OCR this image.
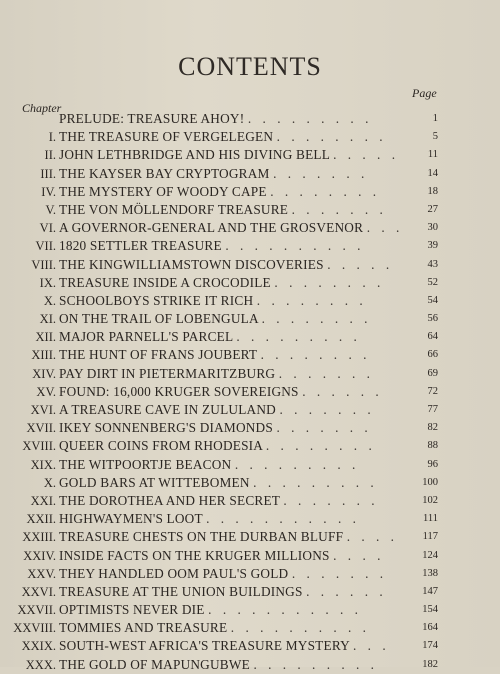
CONTENTS
Page
Chapter
PRELUDE: TREASURE AHOY! . . . . . . . . .	1
I. THE TREASURE OF VERGELEGEN . . . . . . . .	5
II. JOHN LETHBRIDGE AND HIS DIVING BELL . . . . .	11
III. THE KAYSER BAY CRYPTOGRAM . . . . . . .	14
IV. THE MYSTERY OF WOODY CAPE . . . . . . . .	18
V. THE VON MÖLLENDORF TREASURE . . . . . . .	27
VI. A GOVERNOR-GENERAL AND THE GROSVENOR . . . 30
VII. 1820 SETTLER TREASURE . . . . . . . . . .	39
VIII. THE KINGWILLIAMSTOWN DISCOVERIES . . . . .	43
IX. TREASURE INSIDE A CROCODILE . . . . . . . .	52
X. SCHOOLBOYS STRIKE IT RICH . . . . . . . .	54
XI. ON THE TRAIL OF LOBENGULA . . . . . . . .	56
XII. MAJOR PARNELL'S PARCEL . . . . . . . . .	64
XIII. THE HUNT OF FRANS JOUBERT . . . . . . . .	66
XIV. PAY DIRT IN PIETERMARITZBURG . . . . . . .	69
XV. FOUND: 16,000 KRUGER SOVEREIGNS . . . . . .	72
XVI. A TREASURE CAVE IN ZULULAND . . . . . . .	77
XVII. IKEY SONNENBERG'S DIAMONDS . . . . . . .	82
XVIII. QUEER COINS FROM RHODESIA . . . . . . . .	88
XIX. THE WITPOORTJE BEACON . . . . . . . . .	96
X. GOLD BARS AT WITTEBOMEN . . . . . . . . .	100
XXI. THE DOROTHEA AND HER SECRET . . . . . . .	102
XXII. HIGHWAYMEN'S LOOT . . . . . . . . . . .	111
XXIII. TREASURE CHESTS ON THE DURBAN BLUFF . . . . 117
XXIV. INSIDE FACTS ON THE KRUGER MILLIONS . . . .	124
XXV. THEY HANDLED OOM PAUL'S GOLD . . . . . . .	138
XXVI. TREASURE AT THE UNION BUILDINGS . . . . . .	147
XXVII. OPTIMISTS NEVER DIE . . . . . . . . . . .	154
XXVIII. TOMMIES AND TREASURE . . . . . . . . . .	164
XXIX. SOUTH-WEST AFRICA'S TREASURE MYSTERY . . .	174
XXX. THE GOLD OF MAPUNGUBWE . . . . . . . . .	182
